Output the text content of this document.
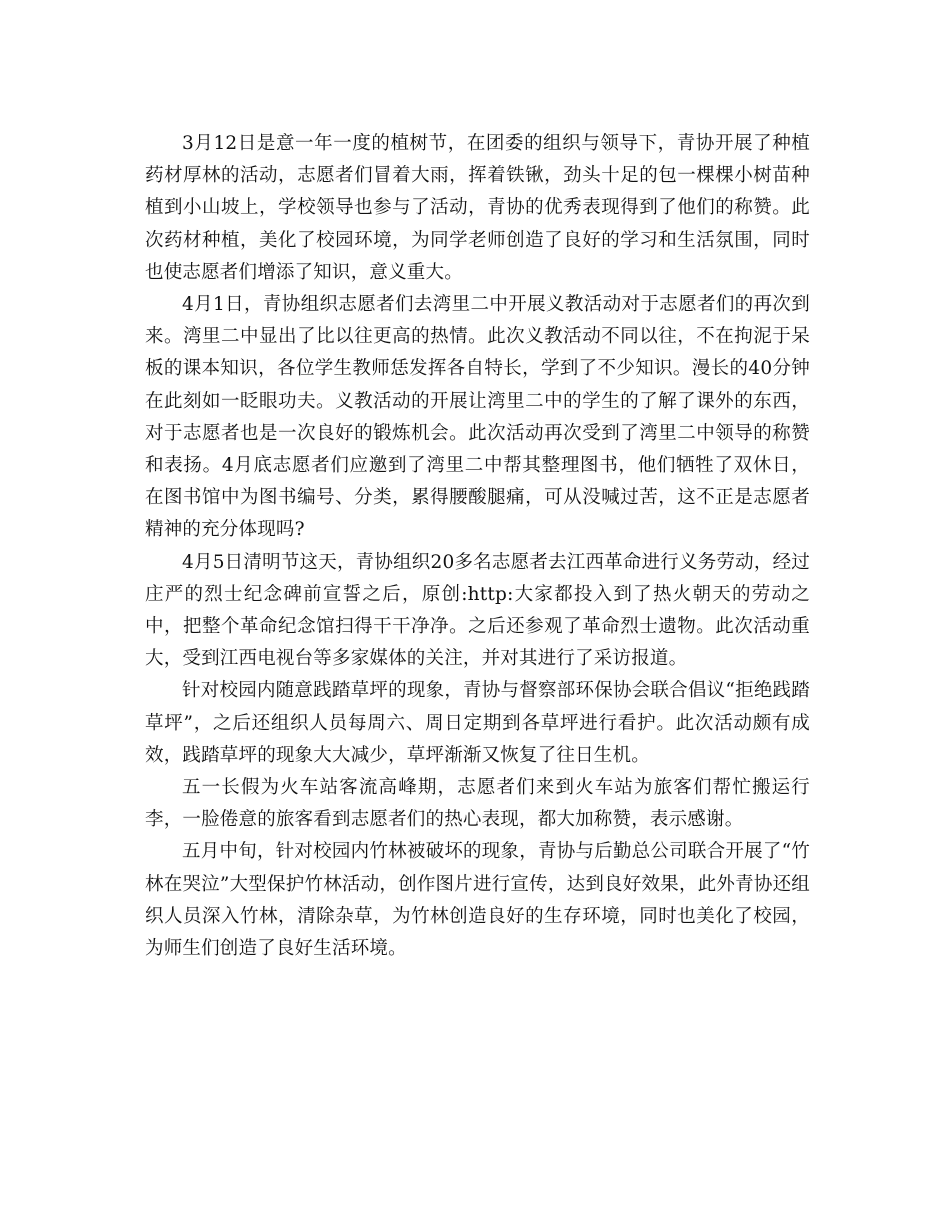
3月12日是意一年一度的植树节，在团委的组织与领导下，青协开展了种植药材厚林的活动，志愿者们冒着大雨，挥着铁锹，劲头十足的包一棵棵小树苗种植到小山坡上，学校领导也参与了活动，青协的优秀表现得到了他们的称赞。此次药材种植，美化了校园环境，为同学老师创造了良好的学习和生活氛围，同时也使志愿者们增添了知识，意义重大。

4月1日，青协组织志愿者们去湾里二中开展义教活动对于志愿者们的再次到来。湾里二中显出了比以往更高的热情。此次义教活动不同以往，不在拘泥于呆板的课本知识，各位学生教师恁发挥各自特长，学到了不少知识。漫长的40分钟在此刻如一眨眼功夫。义教活动的开展让湾里二中的学生的了解了课外的东西，对于志愿者也是一次良好的锻炼机会。此次活动再次受到了湾里二中领导的称赞和表扬。4月底志愿者们应邀到了湾里二中帮其整理图书，他们牺牲了双休日，在图书馆中为图书编号、分类，累得腰酸腿痛，可从没喊过苦，这不正是志愿者精神的充分体现吗?

4月5日清明节这天，青协组织20多名志愿者去江西革命进行义务劳动，经过庄严的烈士纪念碑前宣誓之后，原创:http:大家都投入到了热火朝天的劳动之中，把整个革命纪念馆扫得干干净净。之后还参观了革命烈士遗物。此次活动重大，受到江西电视台等多家媒体的关注，并对其进行了采访报道。

针对校园内随意践踏草坪的现象，青协与督察部环保协会联合倡议“拒绝践踏草坪”，之后还组织人员每周六、周日定期到各草坪进行看护。此次活动颇有成效，践踏草坪的现象大大减少，草坪渐渐又恢复了往日生机。

五一长假为火车站客流高峰期，志愿者们来到火车站为旅客们帮忙搬运行李，一脸倦意的旅客看到志愿者们的热心表现，都大加称赞，表示感谢。

五月中旬，针对校园内竹林被破坏的现象，青协与后勤总公司联合开展了“竹林在哭泣”大型保护竹林活动，创作图片进行宣传，达到良好效果，此外青协还组织人员深入竹林，清除杂草，为竹林创造良好的生存环境，同时也美化了校园，为师生们创造了良好生活环境。
